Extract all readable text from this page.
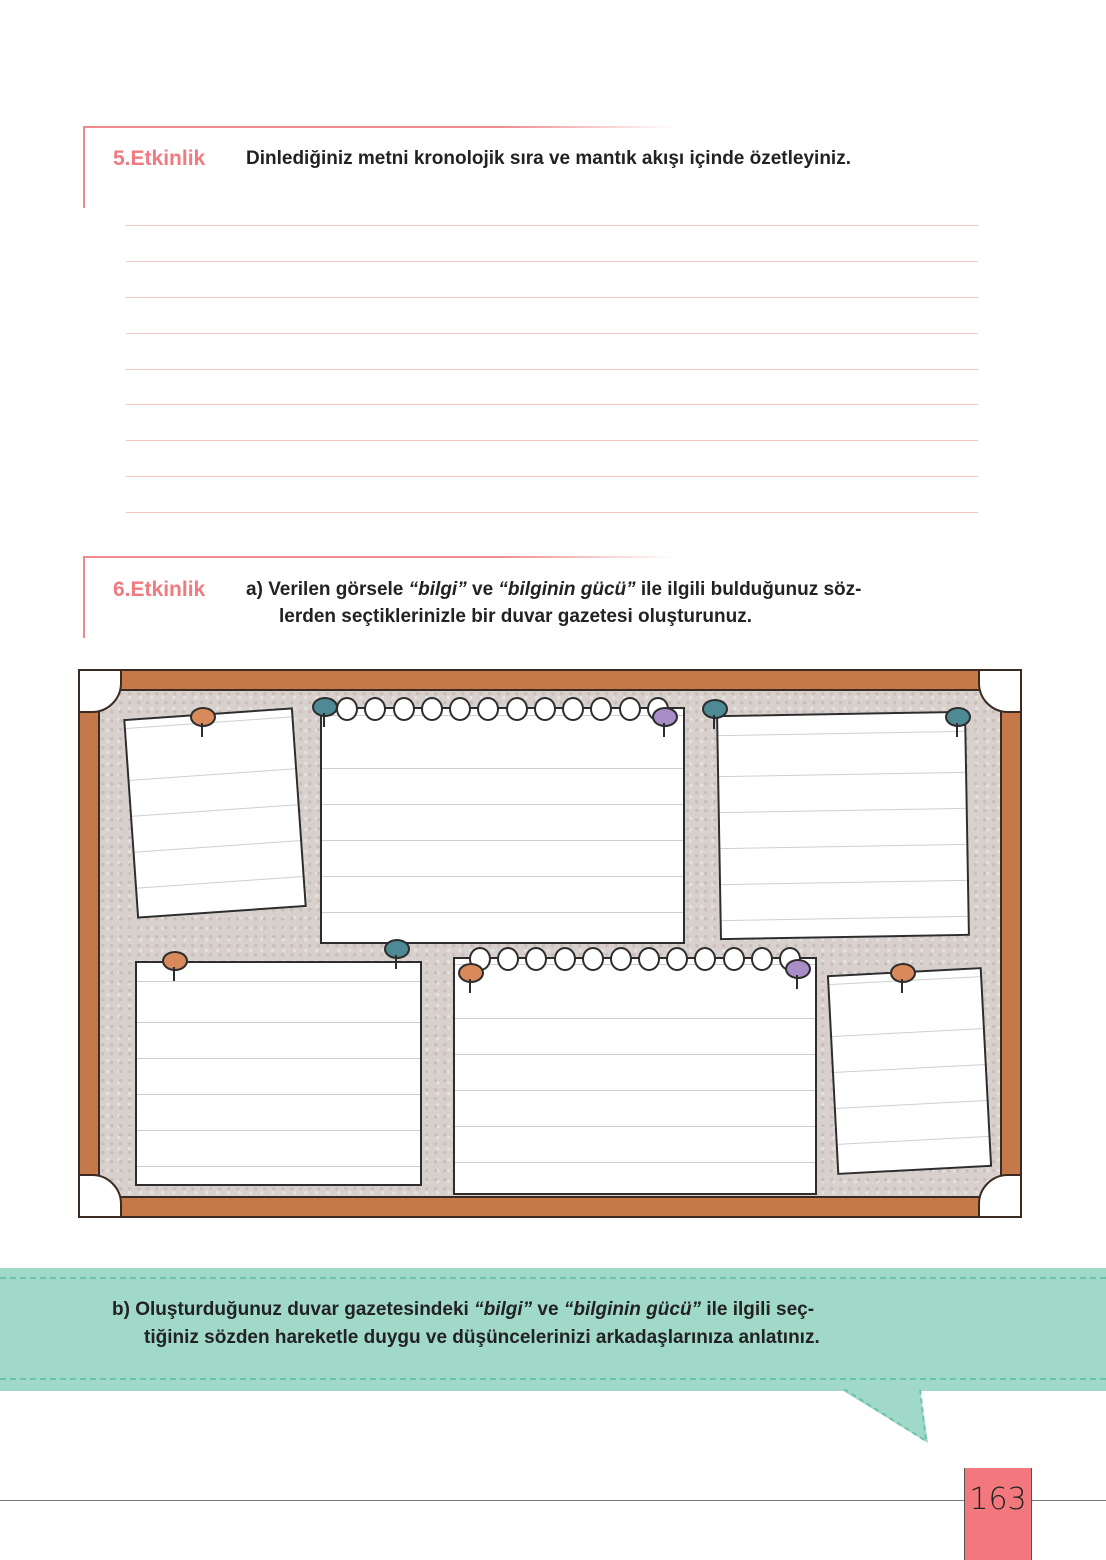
5.Etkinlik Dinlediğiniz metni kronolojik sıra ve mantık akışı içinde özetleyiniz.
6.Etkinlik a) Verilen görsele “bilgi” ve “bilginin gücü” ile ilgili bulduğunuz söz-
lerden seçtiklerinizle bir duvar gazetesi oluşturunuz.
b) Oluşturduğunuz duvar gazetesindeki “bilgi” ve “bilginin gücü” ile ilgili seç-
tiğiniz sözden hareketle duygu ve düşüncelerinizi arkadaşlarınıza anlatınız.
163
